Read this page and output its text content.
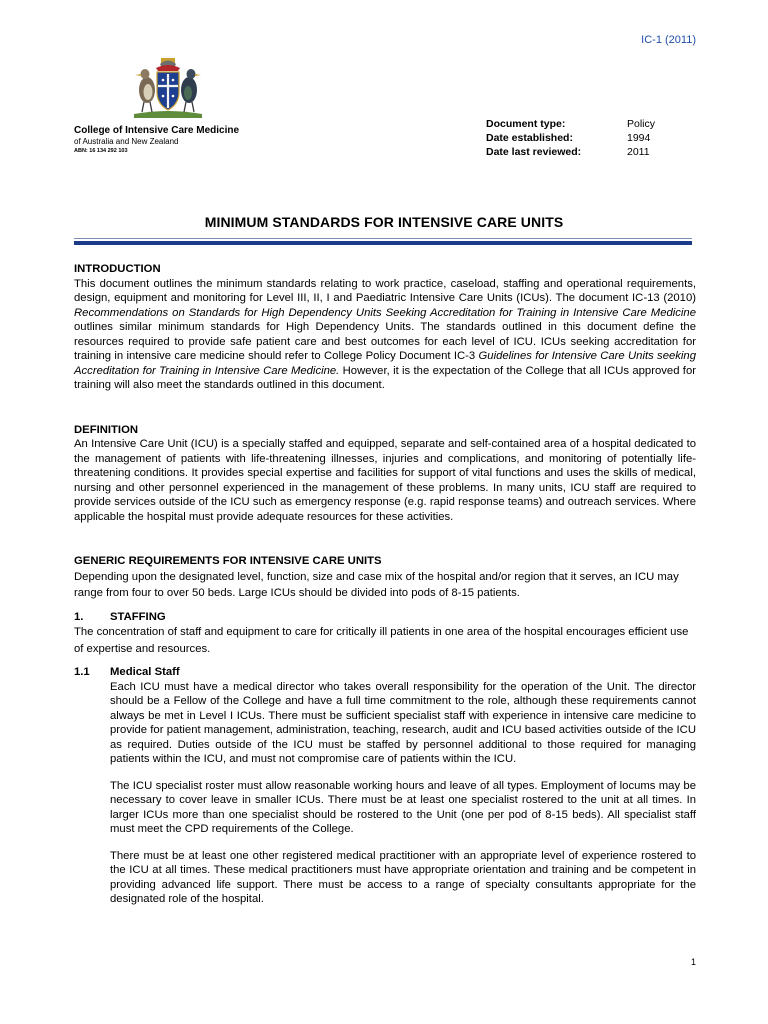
IC-1 (2011)
College of Intensive Care Medicine
of Australia and New Zealand
ABN: 16 134 292 103
Document type:	Policy
Date established:	1994
Date last reviewed:	2011
MINIMUM STANDARDS FOR INTENSIVE CARE UNITS
INTRODUCTION

This document outlines the minimum standards relating to work practice, caseload, staffing and operational requirements, design, equipment and monitoring for Level III, II, I and Paediatric Intensive Care Units (ICUs). The document IC-13 (2010) Recommendations on Standards for High Dependency Units Seeking Accreditation for Training in Intensive Care Medicine outlines similar minimum standards for High Dependency Units. The standards outlined in this document define the resources required to provide safe patient care and best outcomes for each level of ICU. ICUs seeking accreditation for training in intensive care medicine should refer to College Policy Document IC-3 Guidelines for Intensive Care Units seeking Accreditation for Training in Intensive Care Medicine. However, it is the expectation of the College that all ICUs approved for training will also meet the standards outlined in this document.

DEFINITION

An Intensive Care Unit (ICU) is a specially staffed and equipped, separate and self-contained area of a hospital dedicated to the management of patients with life-threatening illnesses, injuries and complications, and monitoring of potentially life-threatening conditions. It provides special expertise and facilities for support of vital functions and uses the skills of medical, nursing and other personnel experienced in the management of these problems. In many units, ICU staff are required to provide services outside of the ICU such as emergency response (e.g. rapid response teams) and outreach services. Where applicable the hospital must provide adequate resources for these activities.

GENERIC REQUIREMENTS FOR INTENSIVE CARE UNITS

Depending upon the designated level, function, size and case mix of the hospital and/or region that it serves, an ICU may range from four to over 50 beds. Large ICUs should be divided into pods of 8-15 patients.

1.	STAFFING

The concentration of staff and equipment to care for critically ill patients in one area of the hospital encourages efficient use of expertise and resources.

1.1	Medical Staff

Each ICU must have a medical director who takes overall responsibility for the operation of the Unit. The director should be a Fellow of the College and have a full time commitment to the role, although these requirements cannot always be met in Level I ICUs. There must be sufficient specialist staff with experience in intensive care medicine to provide for patient management, administration, teaching, research, audit and ICU based activities outside of the ICU as required. Duties outside of the ICU must be staffed by personnel additional to those required for managing patients within the ICU, and must not compromise care of patients within the ICU.

The ICU specialist roster must allow reasonable working hours and leave of all types. Employment of locums may be necessary to cover leave in smaller ICUs. There must be at least one specialist rostered to the unit at all times. In larger ICUs more than one specialist should be rostered to the Unit (one per pod of 8-15 beds). All specialist staff must meet the CPD requirements of the College.

There must be at least one other registered medical practitioner with an appropriate level of experience rostered to the ICU at all times. These medical practitioners must have appropriate orientation and training and be competent in providing advanced life support. There must be access to a range of specialty consultants appropriate for the designated role of the hospital.

1
